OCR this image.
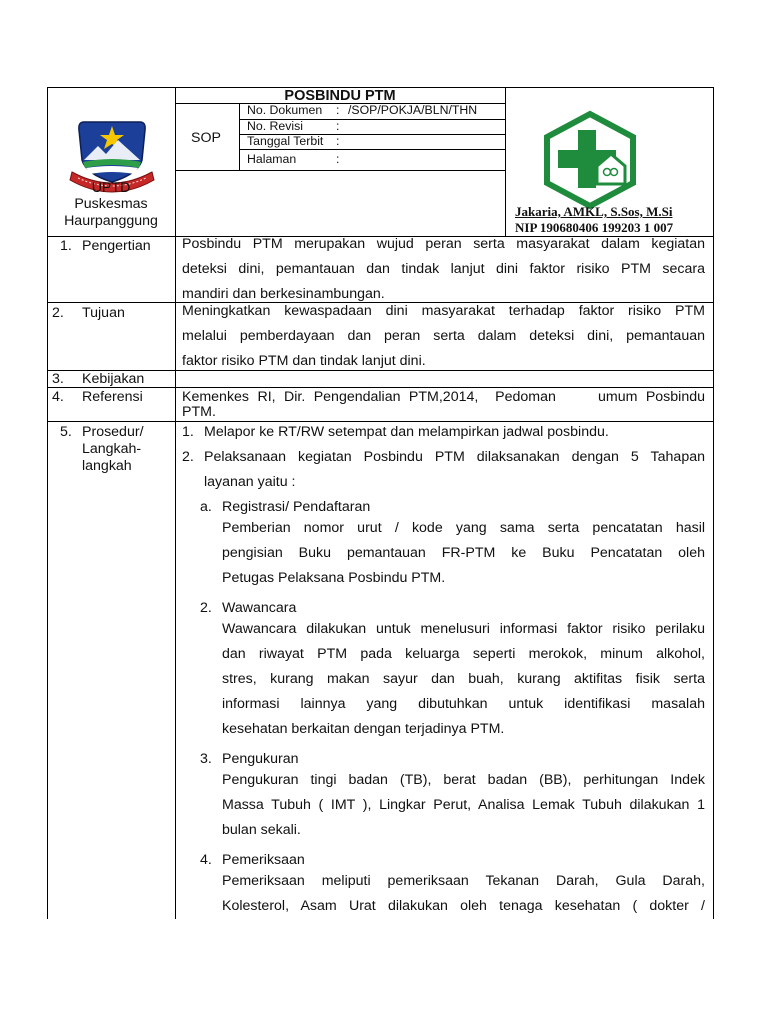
POSBINDU PTM
SOP
No. Dokumen : /SOP/POKJA/BLN/THN
No. Revisi	:
Tanggal Terbit :
Halaman	:
UPTD
Puskesmas
Haurpanggung
Jakaria, AMKL, S.Sos, M.Si
NIP 190680406 199203 1 007
1. Pengertian Posbindu PTM merupakan wujud peran serta masyarakat dalam kegiatan
deteksi dini, pemantauan dan tindak lanjut dini faktor risiko PTM secara
mandiri dan berkesinambungan.
2. Tujuan	Meningkatkan kewaspadaan dini masyarakat terhadap faktor risiko PTM
melalui pemberdayaan dan peran serta dalam deteksi dini, pemantauan
faktor risiko PTM dan tindak lanjut dini.
3. Kebijakan
4. Referensi	Kemenkes RI, Dir. Pengendalian PTM,2014,  Pedoman     umum Posbindu
PTM.
5. Prosedur/
Langkah-
langkah
1. Melapor ke RT/RW setempat dan melampirkan jadwal posbindu.
2. Pelaksanaan kegiatan Posbindu PTM dilaksanakan dengan 5 Tahapan
layanan yaitu :
a. Registrasi/ Pendaftaran
Pemberian nomor urut / kode yang sama serta pencatatan hasil
pengisian Buku pemantauan FR-PTM ke Buku Pencatatan oleh
Petugas Pelaksana Posbindu PTM.
2. Wawancara
Wawancara dilakukan untuk menelusuri informasi faktor risiko perilaku
dan riwayat PTM pada keluarga seperti merokok, minum alkohol,
stres, kurang makan sayur dan buah, kurang aktifitas fisik serta
informasi lainnya yang dibutuhkan untuk identifikasi masalah
kesehatan berkaitan dengan terjadinya PTM.
3. Pengukuran
Pengukuran tingi badan (TB), berat badan (BB), perhitungan Indek
Massa Tubuh ( IMT ), Lingkar Perut, Analisa Lemak Tubuh dilakukan 1
bulan sekali.
4. Pemeriksaan
Pemeriksaan meliputi pemeriksaan Tekanan Darah, Gula Darah,
Kolesterol, Asam Urat dilakukan oleh tenaga kesehatan ( dokter /
